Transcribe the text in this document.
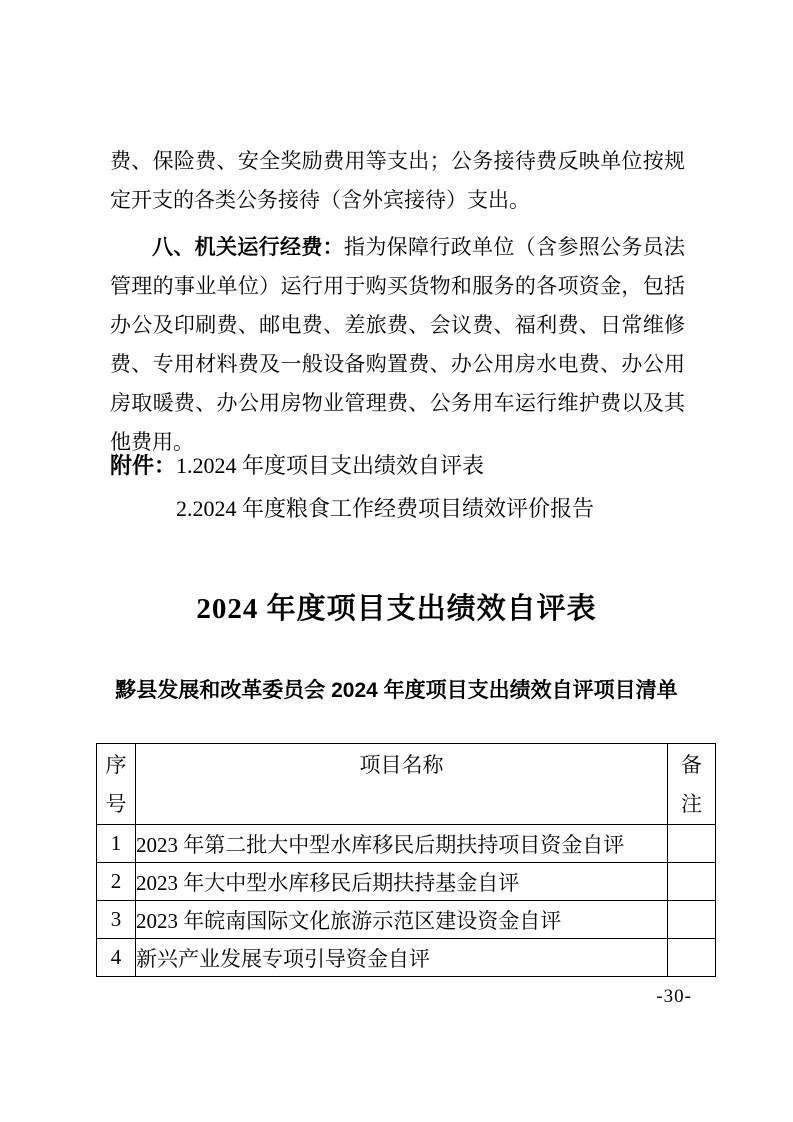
费、保险费、安全奖励费用等支出；公务接待费反映单位按规定开支的各类公务接待（含外宾接待）支出。

八、机关运行经费：指为保障行政单位（含参照公务员法管理的事业单位）运行用于购买货物和服务的各项资金，包括办公及印刷费、邮电费、差旅费、会议费、福利费、日常维修费、专用材料费及一般设备购置费、办公用房水电费、办公用房取暖费、办公用房物业管理费、公务用车运行维护费以及其他费用。

附件： 1.2024 年度项目支出绩效自评表
2.2024 年度粮食工作经费项目绩效评价报告
2024 年度项目支出绩效自评表
黟县发展和改革委员会 2024 年度项目支出绩效自评项目清单
序号	项目名称	备注

1	2023 年第二批大中型水库移民后期扶持项目资金自评	
2	2023 年大中型水库移民后期扶持基金自评	
3	2023 年皖南国际文化旅游示范区建设资金自评	
4	新兴产业发展专项引导资金自评	
-30-
